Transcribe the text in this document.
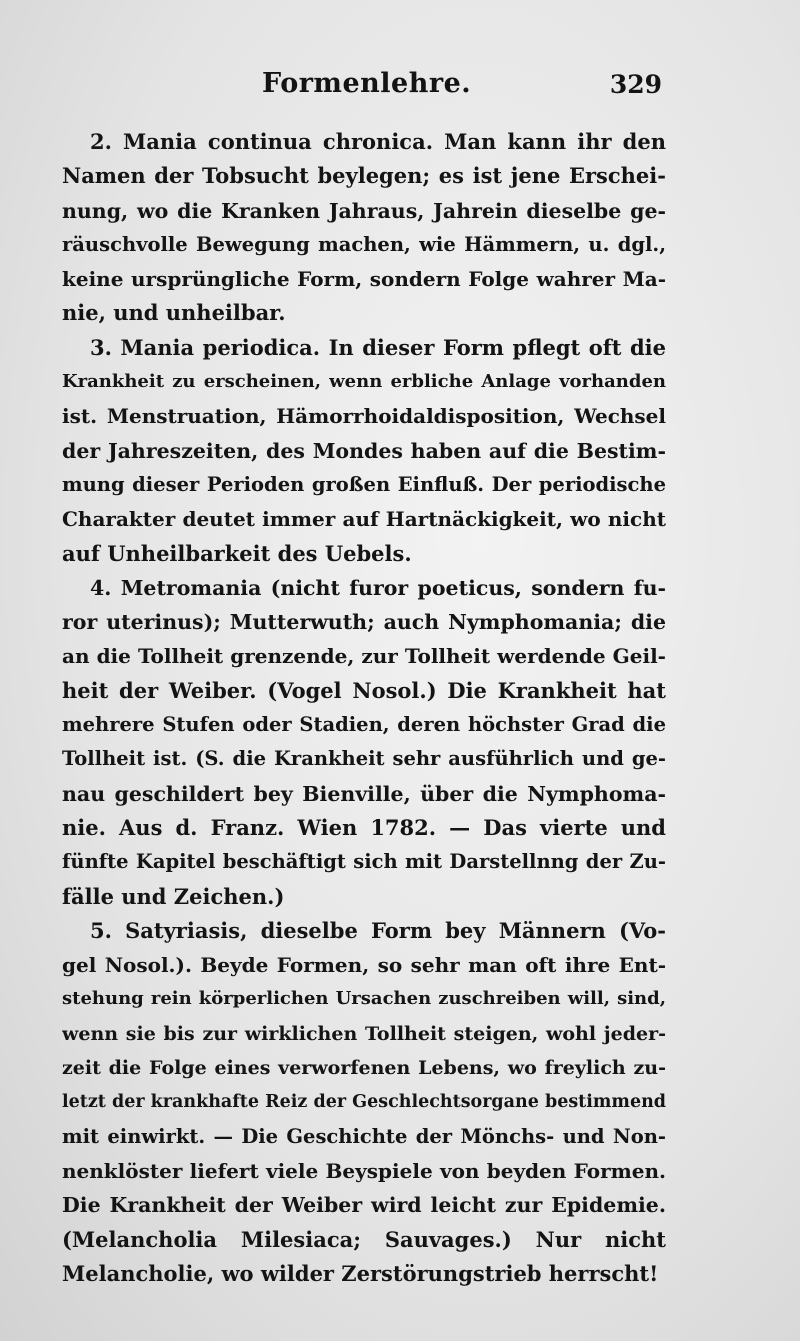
Formenlehre.	329
2. Mania continua chronica. Man kann ihr den
Namen der Tobsucht beylegen; es ist jene Erschei-
nung, wo die Kranken Jahraus, Jahrein dieselbe ge-
räuschvolle Bewegung machen, wie Hämmern, u. dgl.,
keine ursprüngliche Form, sondern Folge wahrer Ma-
nie, und unheilbar.
3. Mania periodica. In dieser Form pflegt oft die
Krankheit zu erscheinen, wenn erbliche Anlage vorhanden
ist. Menstruation, Hämorrhoidaldisposition, Wechsel
der Jahreszeiten, des Mondes haben auf die Bestim-
mung dieser Perioden großen Einfluß. Der periodische
Charakter deutet immer auf Hartnäckigkeit, wo nicht
auf Unheilbarkeit des Uebels.
4. Metromania (nicht furor poeticus, sondern fu-
ror uterinus); Mutterwuth; auch Nymphomania; die
an die Tollheit grenzende, zur Tollheit werdende Geil-
heit der Weiber. (Vogel Nosol.) Die Krankheit hat
mehrere Stufen oder Stadien, deren höchster Grad die
Tollheit ist. (S. die Krankheit sehr ausführlich und ge-
nau geschildert bey Bienville, über die Nymphoma-
nie. Aus d. Franz. Wien 1782. — Das vierte und
fünfte Kapitel beschäftigt sich mit Darstellnng der Zu-
fälle und Zeichen.)
5. Satyriasis, dieselbe Form bey Männern (Vo-
gel Nosol.). Beyde Formen, so sehr man oft ihre Ent-
stehung rein körperlichen Ursachen zuschreiben will, sind,
wenn sie bis zur wirklichen Tollheit steigen, wohl jeder-
zeit die Folge eines verworfenen Lebens, wo freylich zu-
letzt der krankhafte Reiz der Geschlechtsorgane bestimmend
mit einwirkt. — Die Geschichte der Mönchs- und Non-
nenklöster liefert viele Beyspiele von beyden Formen.
Die Krankheit der Weiber wird leicht zur Epidemie.
(Melancholia Milesiaca; Sauvages.) Nur nicht
Melancholie, wo wilder Zerstörungstrieb herrscht!
